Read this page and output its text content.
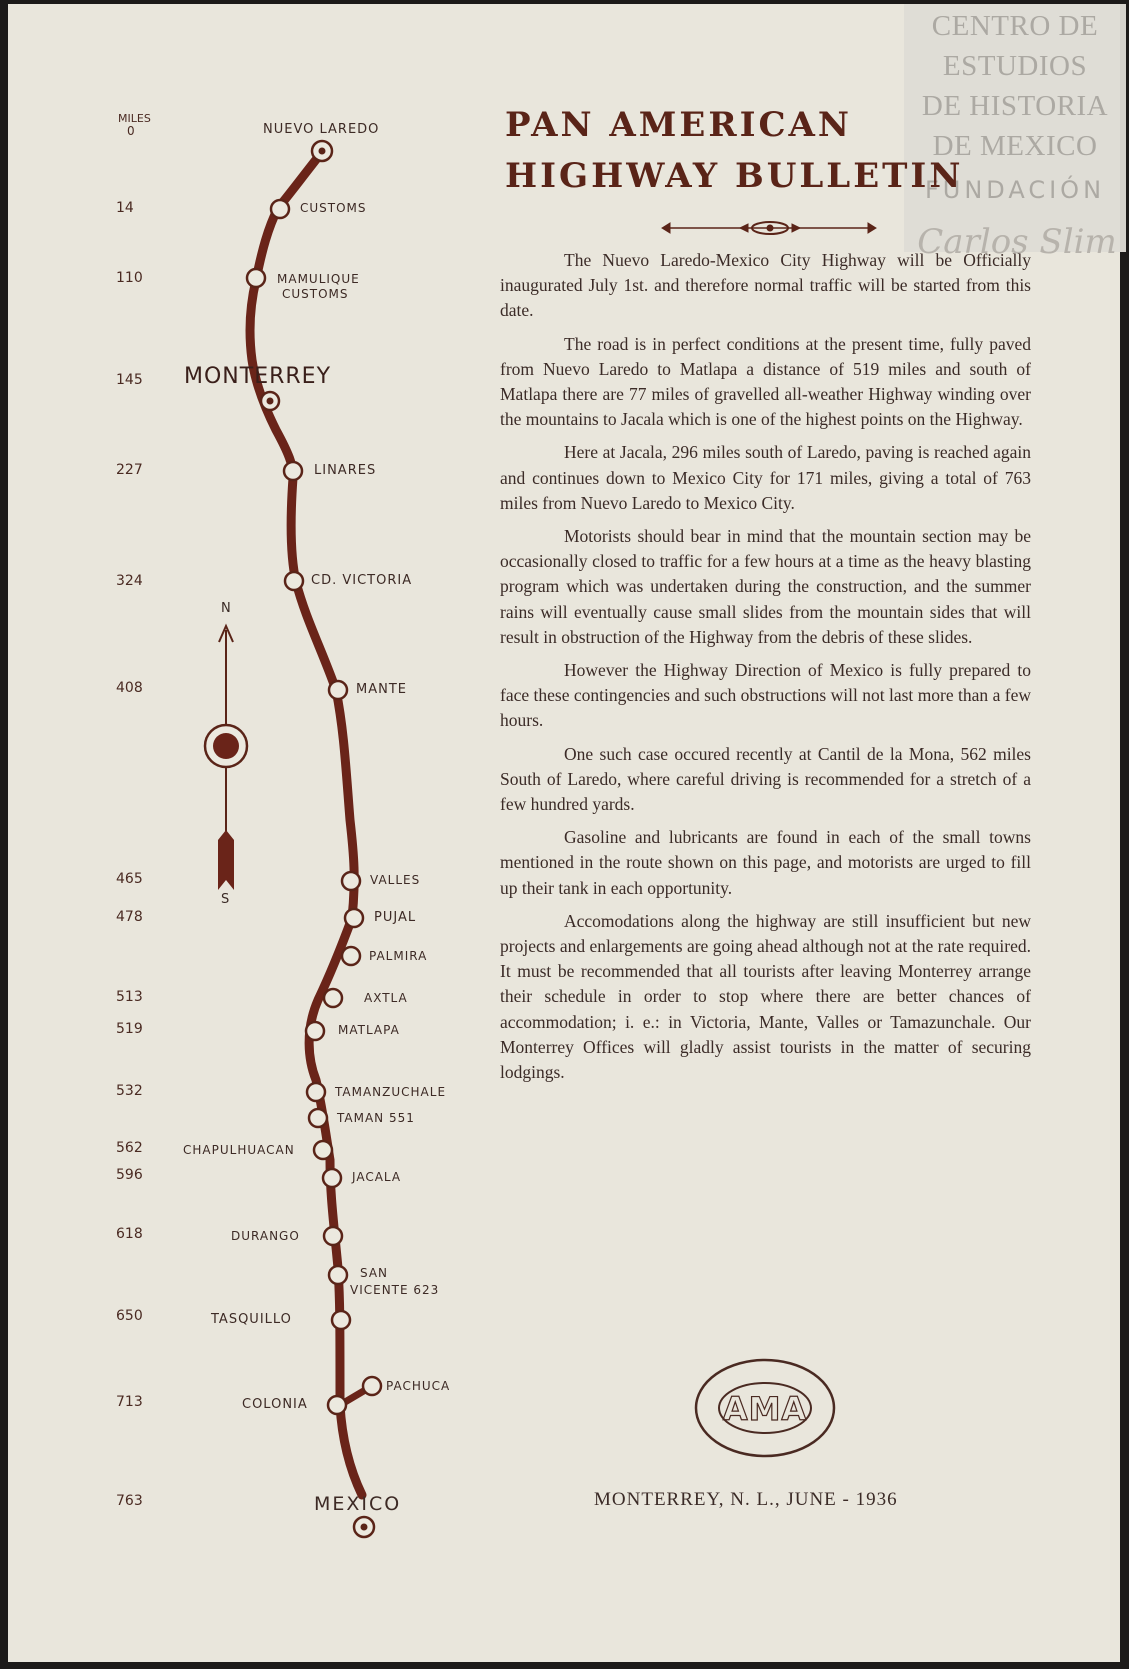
CENTRO DE
ESTUDIOS
DE HISTORIA
DE MEXICO
FUNDACIÓN
Carlos Slim
N
S
AMA
MILES
0
14
110
145
227
324
408
465
478
513
519
532
562
596
618
650
713
763
NUEVO LAREDO
CUSTOMS
MAMULIQUE
CUSTOMS
MONTERREY
LINARES
CD. VICTORIA
MANTE
VALLES
PUJAL
PALMIRA
AXTLA
MATLAPA
TAMANZUCHALE
TAMAN 551
CHAPULHUACAN
JACALA
DURANGO
SAN
VICENTE 623
TASQUILLO
PACHUCA
COLONIA
MEXICO
PAN AMERICAN
HIGHWAY BULLETIN

The Nuevo Laredo-Mexico City Highway will be Officially inaugurated July 1st. and therefore normal traffic will be started from this date.

The road is in perfect conditions at the present time, fully paved from Nuevo Laredo to Matlapa a distance of 519 miles and south of Matlapa there are 77 miles of gravelled all-weather Highway winding over the mountains to Jacala which is one of the highest points on the Highway.

Here at Jacala, 296 miles south of Laredo, paving is reached again and continues down to Mexico City for 171 miles, giving a total of 763 miles from Nuevo Laredo to Mexico City.

Motorists should bear in mind that the mountain section may be occasionally closed to traffic for a few hours at a time as the heavy blasting program which was undertaken during the construction, and the summer rains will eventually cause small slides from the mountain sides that will result in obstruction of the Highway from the debris of these slides.

However the Highway Direction of Mexico is fully prepared to face these contingencies and such obstructions will not last more than a few hours.

One such case occured recently at Cantil de la Mona, 562 miles South of Laredo, where careful driving is recommended for a stretch of a few hundred yards.

Gasoline and lubricants are found in each of the small towns mentioned in the route shown on this page, and motorists are urged to fill up their tank in each opportunity.

Accomodations along the highway are still insufficient but new projects and enlargements are going ahead although not at the rate required. It must be recommended that all tourists after leaving Monterrey arrange their schedule in order to stop where there are better chances of accommodation; i. e.: in Victoria, Mante, Valles or Tamazunchale. Our Monterrey Offices will gladly assist tourists in the matter of securing lodgings.

MONTERREY, N. L., JUNE - 1936
